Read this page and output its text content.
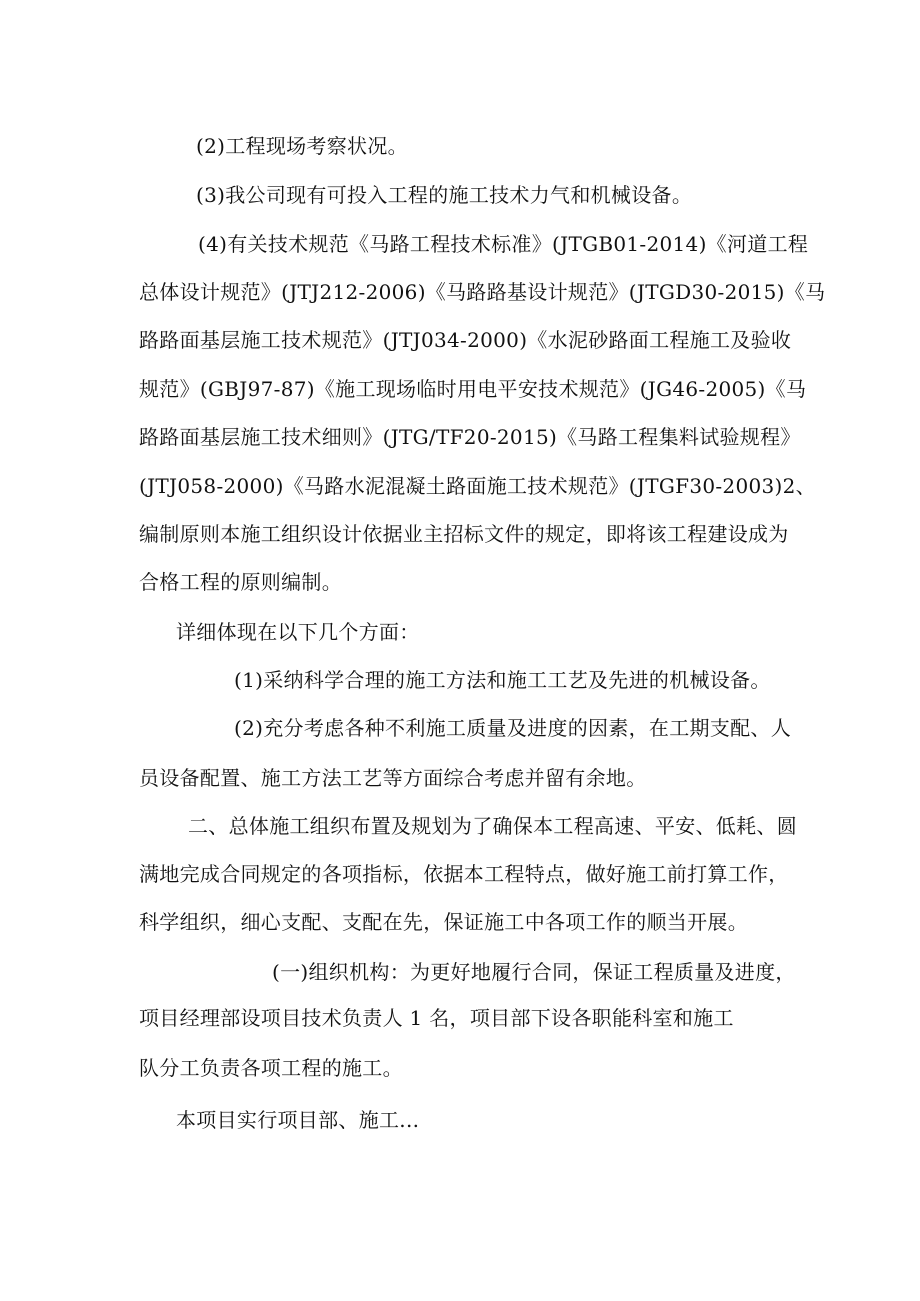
(2)工程现场考察状况。
(3)我公司现有可投入工程的施工技术力气和机械设备。
(4)有关技术规范《马路工程技术标准》(JTGB01-2014)《河道工程
总体设计规范》(JTJ212-2006)《马路路基设计规范》(JTGD30-2015)《马
路路面基层施工技术规范》(JTJ034-2000)《水泥砂路面工程施工及验收
规范》(GBJ97-87)《施工现场临时用电平安技术规范》(JG46-2005)《马
路路面基层施工技术细则》(JTG/TF20-2015)《马路工程集料试验规程》
(JTJ058-2000)《马路水泥混凝土路面施工技术规范》(JTGF30-2003)2、
编制原则本施工组织设计依据业主招标文件的规定，即将该工程建设成为
合格工程的原则编制。
详细体现在以下几个方面：
(1)采纳科学合理的施工方法和施工工艺及先进的机械设备。
(2)充分考虑各种不利施工质量及进度的因素，在工期支配、人
员设备配置、施工方法工艺等方面综合考虑并留有余地。
二、总体施工组织布置及规划为了确保本工程高速、平安、低耗、圆
满地完成合同规定的各项指标，依据本工程特点，做好施工前打算工作，
科学组织，细心支配、支配在先，保证施工中各项工作的顺当开展。
(一)组织机构：为更好地履行合同，保证工程质量及进度，
项目经理部设项目技术负责人 1 名，项目部下设各职能科室和施工
队分工负责各项工程的施工。
本项目实行项目部、施工...
